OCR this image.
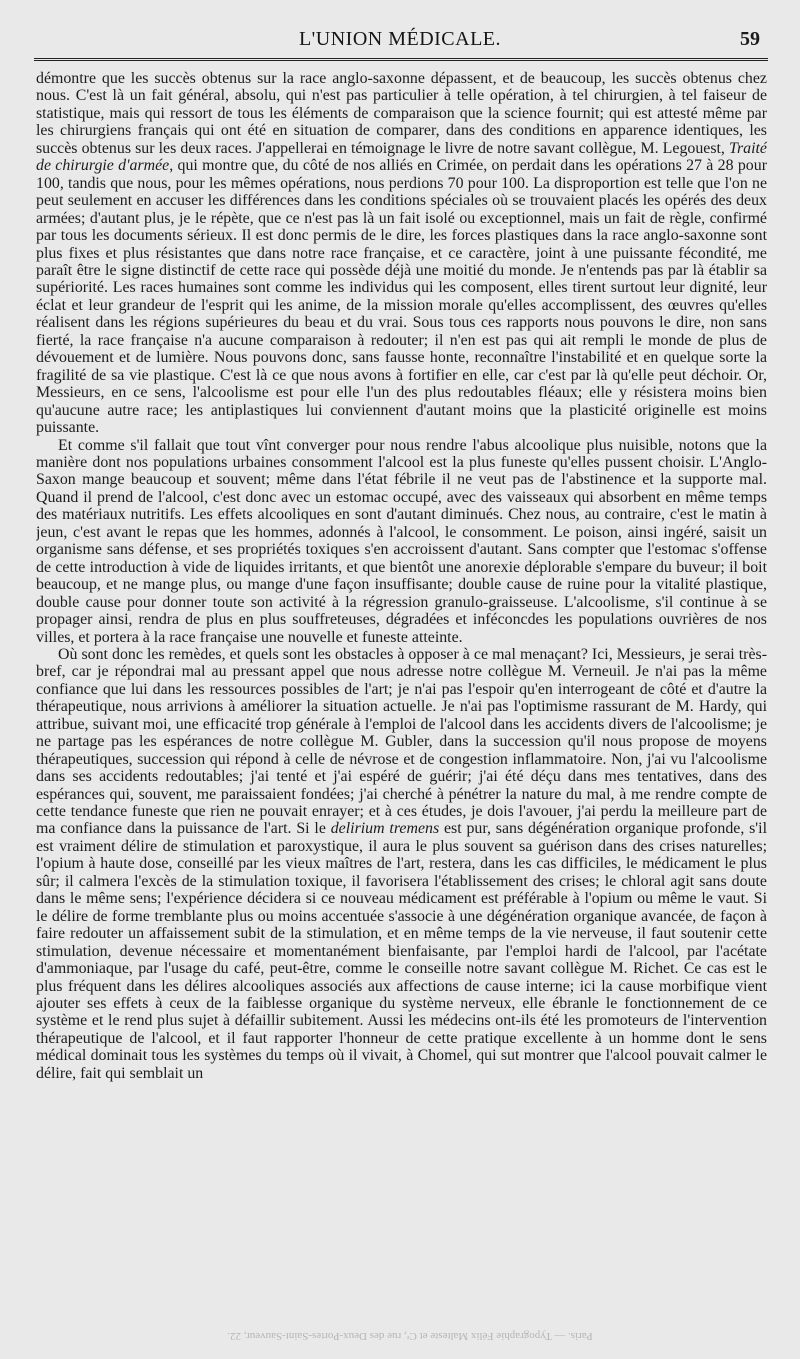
L'UNION MÉDICALE.	59

démontre que les succès obtenus sur la race anglo-saxonne dépassent, et de beaucoup, les succès obtenus chez nous. C'est là un fait général, absolu, qui n'est pas particulier à telle opération, à tel chirurgien, à tel faiseur de statistique, mais qui ressort de tous les éléments de comparaison que la science fournit; qui est attesté même par les chirurgiens français qui ont été en situation de comparer, dans des conditions en apparence identiques, les succès obtenus sur les deux races. J'appellerai en témoignage le livre de notre savant collègue, M. Legouest, Traité de chirurgie d'armée, qui montre que, du côté de nos alliés en Crimée, on perdait dans les opérations 27 à 28 pour 100, tandis que nous, pour les mêmes opérations, nous perdions 70 pour 100. La disproportion est telle que l'on ne peut seulement en accuser les différences dans les conditions spéciales où se trouvaient placés les opérés des deux armées; d'autant plus, je le répète, que ce n'est pas là un fait isolé ou exceptionnel, mais un fait de règle, confirmé par tous les documents sérieux. Il est donc permis de le dire, les forces plastiques dans la race anglo-saxonne sont plus fixes et plus résistantes que dans notre race française, et ce caractère, joint à une puissante fécondité, me paraît être le signe distinctif de cette race qui possède déjà une moitié du monde. Je n'entends pas par là établir sa supériorité. Les races humaines sont comme les individus qui les composent, elles tirent surtout leur dignité, leur éclat et leur grandeur de l'esprit qui les anime, de la mission morale qu'elles accomplissent, des œuvres qu'elles réalisent dans les régions supérieures du beau et du vrai. Sous tous ces rapports nous pouvons le dire, non sans fierté, la race française n'a aucune comparaison à redouter; il n'en est pas qui ait rempli le monde de plus de dévouement et de lumière. Nous pouvons donc, sans fausse honte, reconnaître l'instabilité et en quelque sorte la fragilité de sa vie plastique. C'est là ce que nous avons à fortifier en elle, car c'est par là qu'elle peut déchoir. Or, Messieurs, en ce sens, l'alcoolisme est pour elle l'un des plus redoutables fléaux; elle y résistera moins bien qu'aucune autre race; les antiplastiques lui conviennent d'autant moins que la plasticité originelle est moins puissante.

Et comme s'il fallait que tout vînt converger pour nous rendre l'abus alcoolique plus nuisible, notons que la manière dont nos populations urbaines consomment l'alcool est la plus funeste qu'elles pussent choisir. L'Anglo-Saxon mange beaucoup et souvent; même dans l'état fébrile il ne veut pas de l'abstinence et la supporte mal. Quand il prend de l'alcool, c'est donc avec un estomac occupé, avec des vaisseaux qui absorbent en même temps des matériaux nutritifs. Les effets alcooliques en sont d'autant diminués. Chez nous, au contraire, c'est le matin à jeun, c'est avant le repas que les hommes, adonnés à l'alcool, le consomment. Le poison, ainsi ingéré, saisit un organisme sans défense, et ses propriétés toxiques s'en accroissent d'autant. Sans compter que l'estomac s'offense de cette introduction à vide de liquides irritants, et que bientôt une anorexie déplorable s'empare du buveur; il boit beaucoup, et ne mange plus, ou mange d'une façon insuffisante; double cause de ruine pour la vitalité plastique, double cause pour donner toute son activité à la régression granulo-graisseuse. L'alcoolisme, s'il continue à se propager ainsi, rendra de plus en plus souffreteuses, dégradées et inféconcdes les populations ouvrières de nos villes, et portera à la race française une nouvelle et funeste atteinte.

Où sont donc les remèdes, et quels sont les obstacles à opposer à ce mal menaçant? Ici, Messieurs, je serai très-bref, car je répondrai mal au pressant appel que nous adresse notre collègue M. Verneuil. Je n'ai pas la même confiance que lui dans les ressources possibles de l'art; je n'ai pas l'espoir qu'en interrogeant de côté et d'autre la thérapeutique, nous arrivions à améliorer la situation actuelle. Je n'ai pas l'optimisme rassurant de M. Hardy, qui attribue, suivant moi, une efficacité trop générale à l'emploi de l'alcool dans les accidents divers de l'alcoolisme; je ne partage pas les espérances de notre collègue M. Gubler, dans la succession qu'il nous propose de moyens thérapeutiques, succession qui répond à celle de névrose et de congestion inflammatoire. Non, j'ai vu l'alcoolisme dans ses accidents redoutables; j'ai tenté et j'ai espéré de guérir; j'ai été déçu dans mes tentatives, dans des espérances qui, souvent, me paraissaient fondées; j'ai cherché à pénétrer la nature du mal, à me rendre compte de cette tendance funeste que rien ne pouvait enrayer; et à ces études, je dois l'avouer, j'ai perdu la meilleure part de ma confiance dans la puissance de l'art. Si le delirium tremens est pur, sans dégénération organique profonde, s'il est vraiment délire de stimulation et paroxystique, il aura le plus souvent sa guérison dans des crises naturelles; l'opium à haute dose, conseillé par les vieux maîtres de l'art, restera, dans les cas difficiles, le médicament le plus sûr; il calmera l'excès de la stimulation toxique, il favorisera l'établissement des crises; le chloral agit sans doute dans le même sens; l'expérience décidera si ce nouveau médicament est préférable à l'opium ou même le vaut. Si le délire de forme tremblante plus ou moins accentuée s'associe à une dégénération organique avancée, de façon à faire redouter un affaissement subit de la stimulation, et en même temps de la vie nerveuse, il faut soutenir cette stimulation, devenue nécessaire et momentanément bienfaisante, par l'emploi hardi de l'alcool, par l'acétate d'ammoniaque, par l'usage du café, peut-être, comme le conseille notre savant collègue M. Richet. Ce cas est le plus fréquent dans les délires alcooliques associés aux affections de cause interne; ici la cause morbifique vient ajouter ses effets à ceux de la faiblesse organique du système nerveux, elle ébranle le fonctionnement de ce système et le rend plus sujet à défaillir subitement. Aussi les médecins ont-ils été les promoteurs de l'intervention thérapeutique de l'alcool, et il faut rapporter l'honneur de cette pratique excellente à un homme dont le sens médical dominait tous les systèmes du temps où il vivait, à Chomel, qui sut montrer que l'alcool pouvait calmer le délire, fait qui semblait un

Paris. — Typographie Félix Malteste et Cᵉ, rue des Deux-Portes-Saint-Sauveur, 22.
